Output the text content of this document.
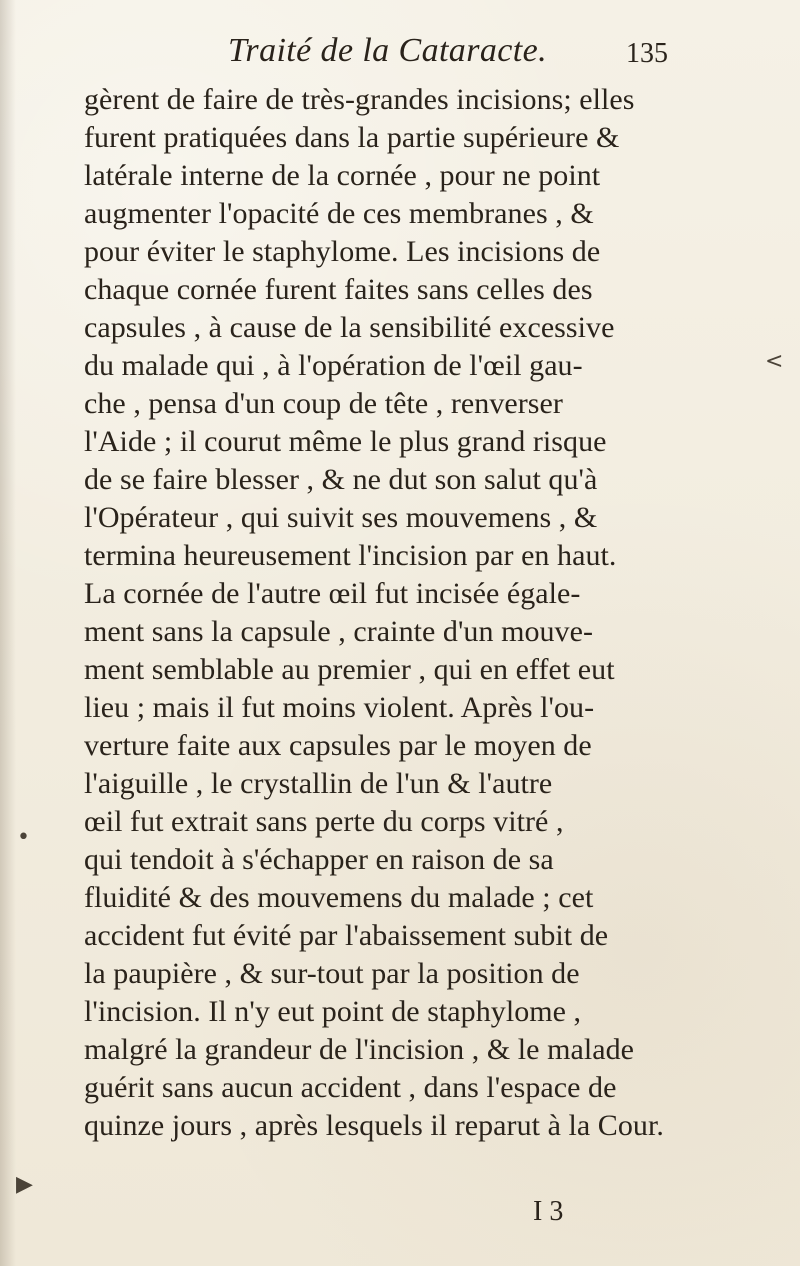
Traité de la Cataracte.	135
gèrent de faire de très-grandes incisions; elles
furent pratiquées dans la partie supérieure &
latérale interne de la cornée , pour ne point
augmenter l'opacité de ces membranes , &
pour éviter le staphylome. Les incisions de
chaque cornée furent faites sans celles des
capsules , à cause de la sensibilité excessive
du malade qui , à l'opération de l'œil gau-
che , pensa d'un coup de tête , renverser
l'Aide ; il courut même le plus grand risque
de se faire blesser , & ne dut son salut qu'à
l'Opérateur , qui suivit ses mouvemens , &
termina heureusement l'incision par en haut.
La cornée de l'autre œil fut incisée égale-
ment sans la capsule , crainte d'un mouve-
ment semblable au premier , qui en effet eut
lieu ; mais il fut moins violent. Après l'ou-
verture faite aux capsules par le moyen de
l'aiguille , le crystallin de l'un & l'autre
œil fut extrait sans perte du corps vitré ,
qui tendoit à s'échapper en raison de sa
fluidité & des mouvemens du malade ; cet
accident fut évité par l'abaissement subit de
la paupière , & sur-tout par la position de
l'incision. Il n'y eut point de staphylome ,
malgré la grandeur de l'incision , & le malade
guérit sans aucun accident , dans l'espace de
quinze jours , après lesquels il reparut à la Cour.
I 3
<
▶
•
